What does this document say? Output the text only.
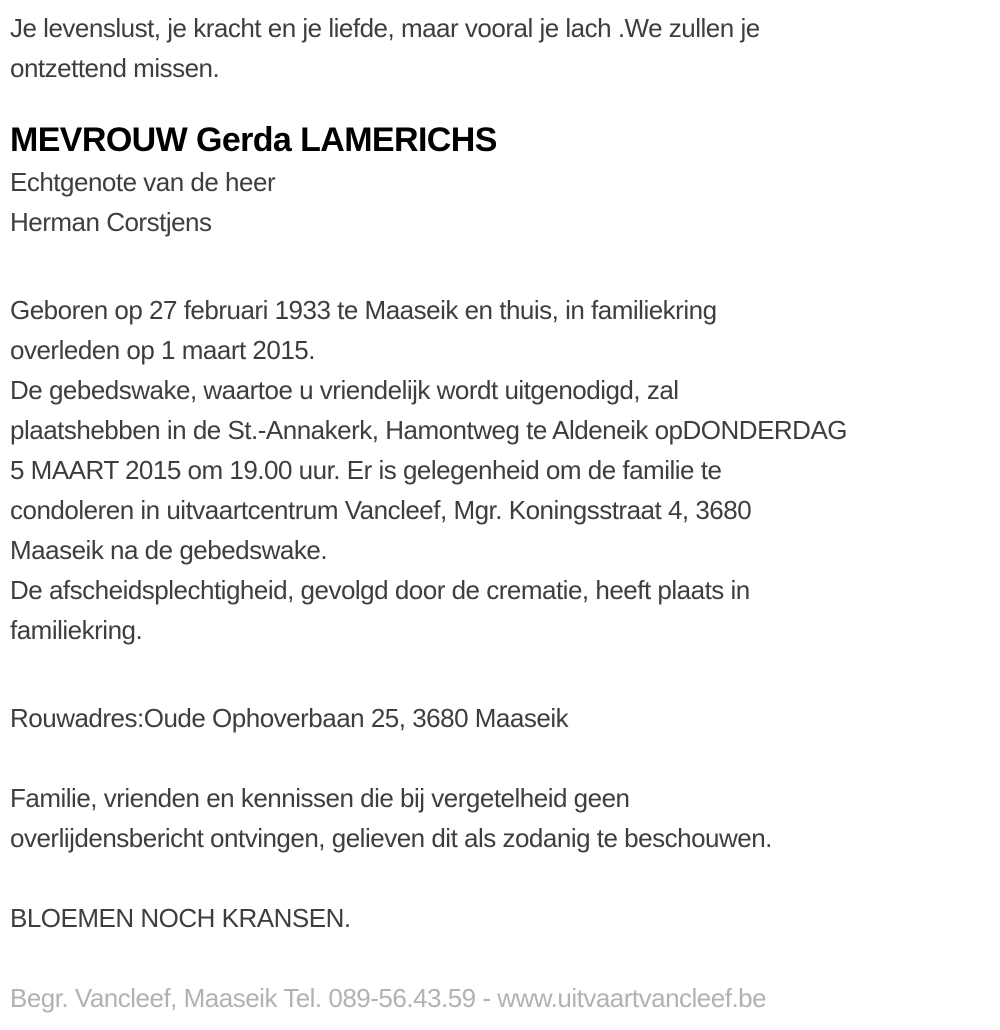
Je levenslust, je kracht en je liefde, maar vooral je lach .We zullen je
ontzettend missen.
MEVROUW Gerda LAMERICHS
Echtgenote van de heer
Herman Corstjens
Geboren op 27 februari 1933 te Maaseik en thuis, in familiekring
overleden op 1 maart 2015.
De gebedswake, waartoe u vriendelijk wordt uitgenodigd, zal
plaatshebben in de St.-Annakerk, Hamontweg te Aldeneik opDONDERDAG
5 MAART 2015 om 19.00 uur. Er is gelegenheid om de familie te
condoleren in uitvaartcentrum Vancleef, Mgr. Koningsstraat 4, 3680
Maaseik na de gebedswake.
De afscheidsplechtigheid, gevolgd door de crematie, heeft plaats in
familiekring.
Rouwadres:Oude Ophoverbaan 25, 3680 Maaseik
Familie, vrienden en kennissen die bij vergetelheid geen
overlijdensbericht ontvingen, gelieven dit als zodanig te beschouwen.
BLOEMEN NOCH KRANSEN.
Begr. Vancleef, Maaseik Tel. 089-56.43.59 - www.uitvaartvancleef.be
